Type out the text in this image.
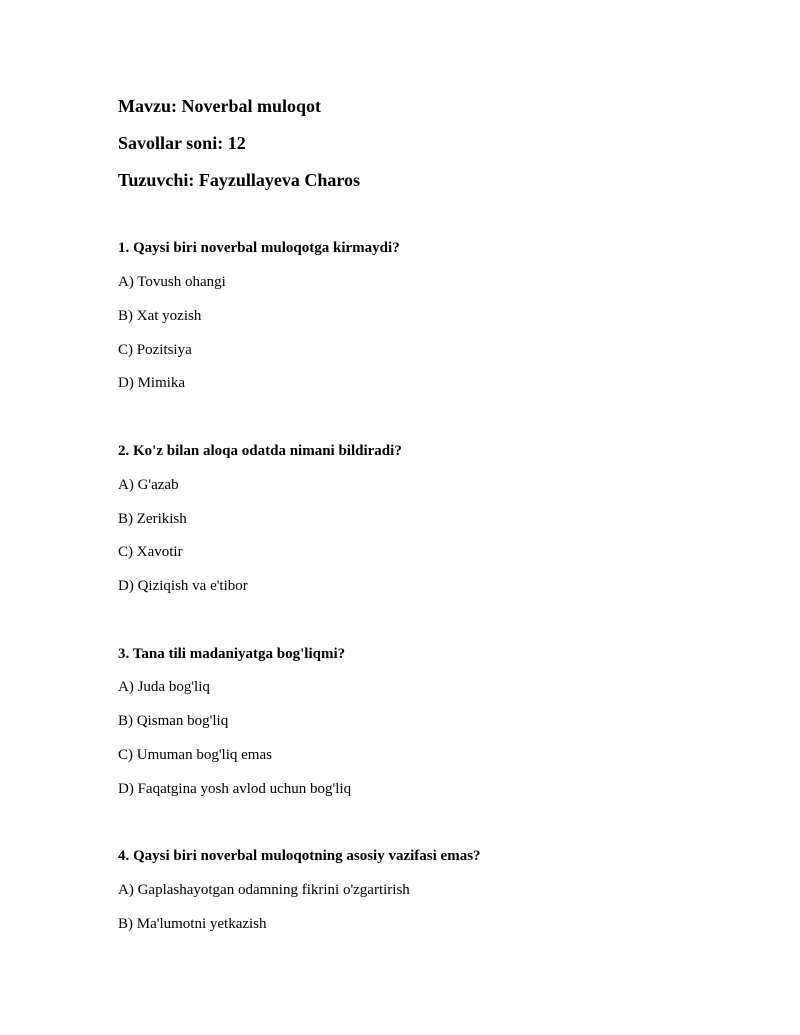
Mavzu: Noverbal muloqot
Savollar soni: 12
Tuzuvchi: Fayzullayeva Charos
1. Qaysi biri noverbal muloqotga kirmaydi?
A) Tovush ohangi
B) Xat yozish
C) Pozitsiya
D) Mimika
2. Ko'z bilan aloqa odatda nimani bildiradi?
A) G'azab
B) Zerikish
C) Xavotir
D) Qiziqish va e'tibor
3. Tana tili madaniyatga bog'liqmi?
A) Juda bog'liq
B) Qisman bog'liq
C) Umuman bog'liq emas
D) Faqatgina yosh avlod uchun bog'liq
4. Qaysi biri noverbal muloqotning asosiy vazifasi emas?
A) Gaplashayotgan odamning fikrini o'zgartirish
B) Ma'lumotni yetkazish
